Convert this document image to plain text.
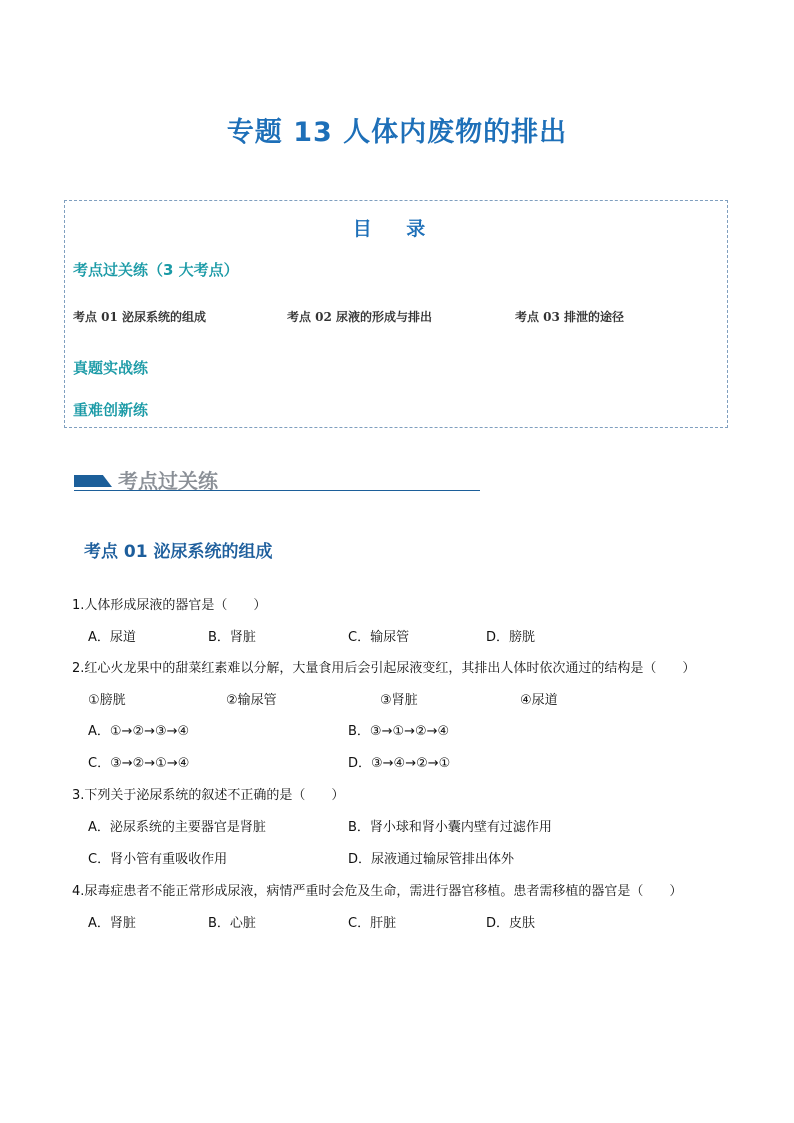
专题 13 人体内废物的排出
目 录
考点过关练（3 大考点）
考点 01 泌尿系统的组成	考点 02 尿液的形成与排出	考点 03 排泄的途径
真题实战练
重难创新练
考点过关练
考点 01 泌尿系统的组成
1.人体形成尿液的器官是（　　）
A．尿道	B．肾脏	C．输尿管	D．膀胱
2.红心火龙果中的甜菜红素难以分解，大量食用后会引起尿液变红，其排出人体时依次通过的结构是（　　）
①膀胱	②输尿管	③肾脏	④尿道
A．①→②→③→④	B．③→①→②→④
C．③→②→①→④	D．③→④→②→①
3.下列关于泌尿系统的叙述不正确的是（　　）
A．泌尿系统的主要器官是肾脏	B．肾小球和肾小囊内壁有过滤作用
C．肾小管有重吸收作用	D．尿液通过输尿管排出体外
4.尿毒症患者不能正常形成尿液，病情严重时会危及生命，需进行器官移植。患者需移植的器官是（　　）
A．肾脏	B．心脏	C．肝脏	D．皮肤
